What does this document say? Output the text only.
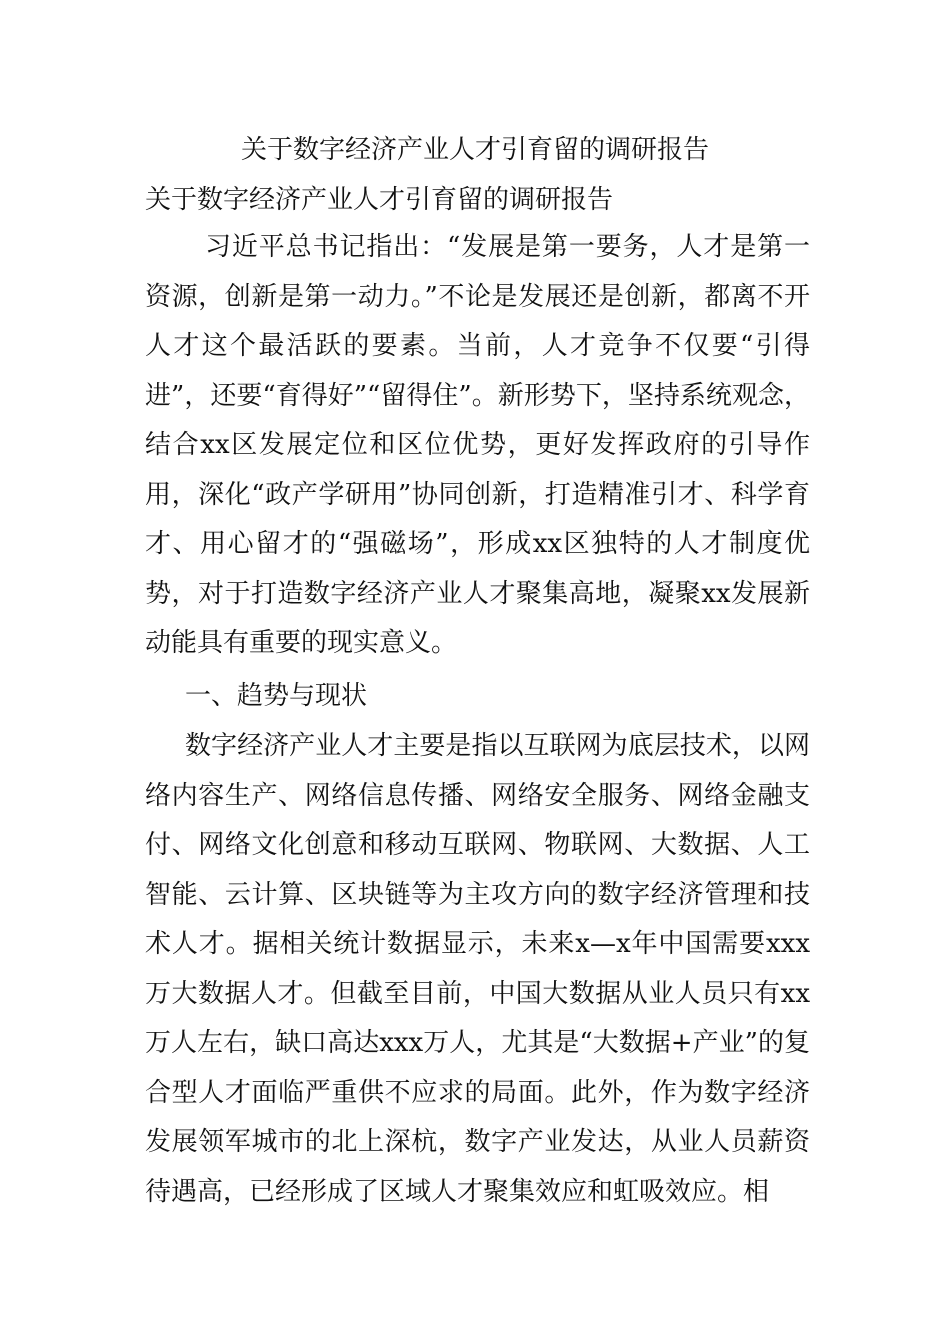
关于数字经济产业人才引育留的调研报告
关于数字经济产业人才引育留的调研报告
习近平总书记指出：“发展是第一要务，人才是第一资源，创新是第一动力。”不论是发展还是创新，都离不开人才这个最活跃的要素。当前，人才竞争不仅要“引得进”，还要“育得好”“留得住”。新形势下，坚持系统观念，结合xx区发展定位和区位优势，更好发挥政府的引导作用，深化“政产学研用”协同创新，打造精准引才、科学育才、用心留才的“强磁场”，形成xx区独特的人才制度优势，对于打造数字经济产业人才聚集高地，凝聚xx发展新动能具有重要的现实意义。
一、趋势与现状
数字经济产业人才主要是指以互联网为底层技术，以网络内容生产、网络信息传播、网络安全服务、网络金融支付、网络文化创意和移动互联网、物联网、大数据、人工智能、云计算、区块链等为主攻方向的数字经济管理和技术人才。据相关统计数据显示，未来x—x年中国需要xxx万大数据人才。但截至目前，中国大数据从业人员只有xx万人左右，缺口高达xxx万人，尤其是“大数据+产业”的复合型人才面临严重供不应求的局面。此外，作为数字经济发展领军城市的北上深杭，数字产业发达，从业人员薪资待遇高，已经形成了区域人才聚集效应和虹吸效应。相
